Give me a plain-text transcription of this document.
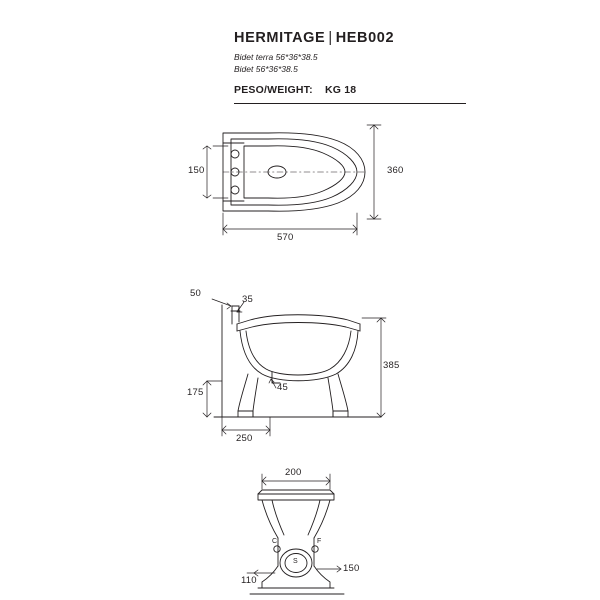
HERMITAGE | HEB002
Bidet terra 56*36*38.5
Bidet 56*36*38.5
PESO/WEIGHT: KG 18
150	360
570
50
35
175	45
250
385
200
110
150
C	F
S
